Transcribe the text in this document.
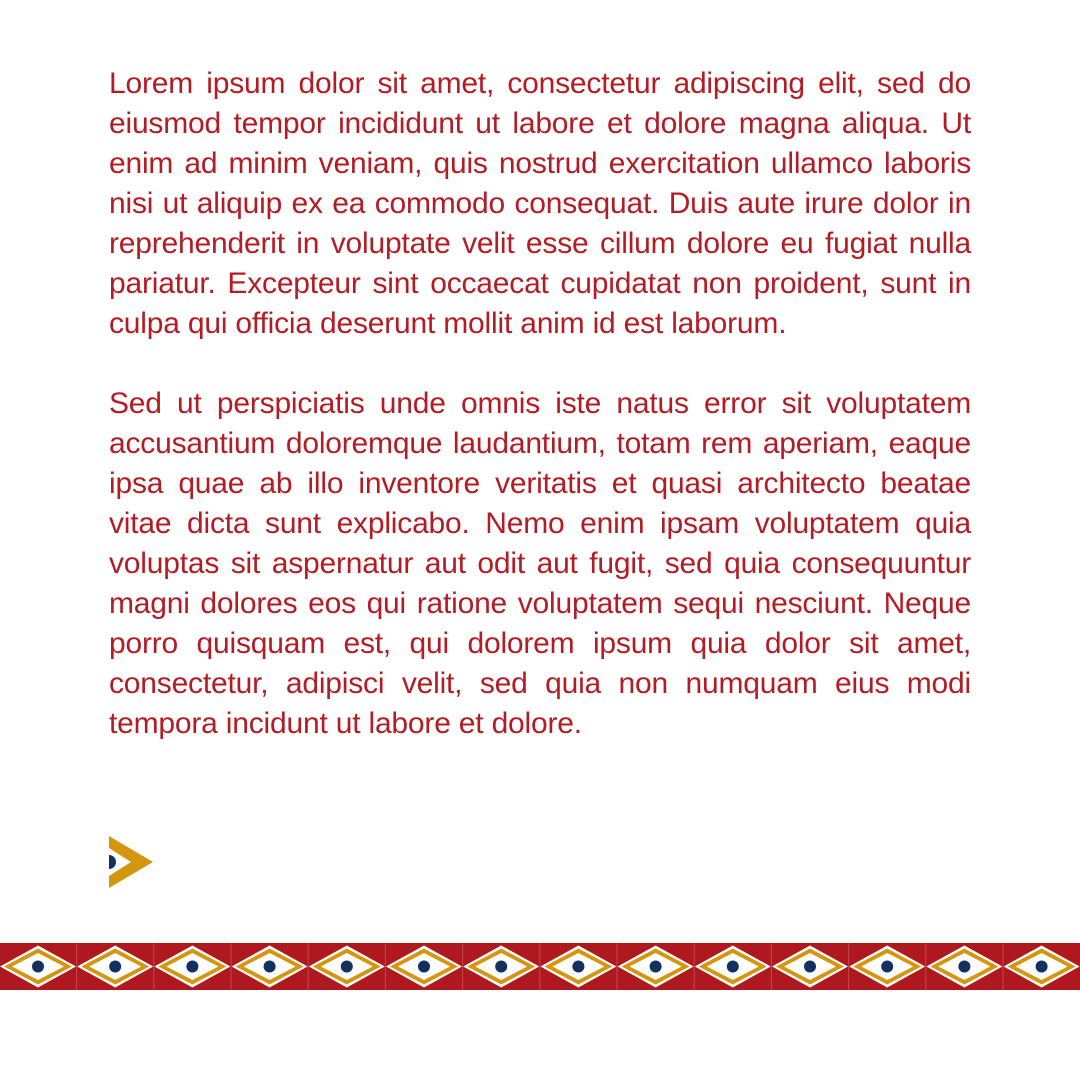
Lorem ipsum dolor sit amet, consectetur adipiscing elit, sed do eiusmod tempor incididunt ut labore et dolore magna aliqua. Ut enim ad minim veniam, quis nostrud exercitation ullamco laboris nisi ut aliquip ex ea commodo consequat. Duis aute irure dolor in reprehenderit in voluptate velit esse cillum dolore eu fugiat nulla pariatur. Excepteur sint occaecat cupidatat non proident, sunt in culpa qui officia deserunt mollit anim id est laborum.

Sed ut perspiciatis unde omnis iste natus error sit voluptatem accusantium doloremque laudantium, totam rem aperiam, eaque ipsa quae ab illo inventore veritatis et quasi architecto beatae vitae dicta sunt explicabo. Nemo enim ipsam voluptatem quia voluptas sit aspernatur aut odit aut fugit, sed quia consequuntur magni dolores eos qui ratione voluptatem sequi nesciunt. Neque porro quisquam est, qui dolorem ipsum quia dolor sit amet, consectetur, adipisci velit, sed quia non numquam eius modi tempora incidunt ut labore et dolore.
